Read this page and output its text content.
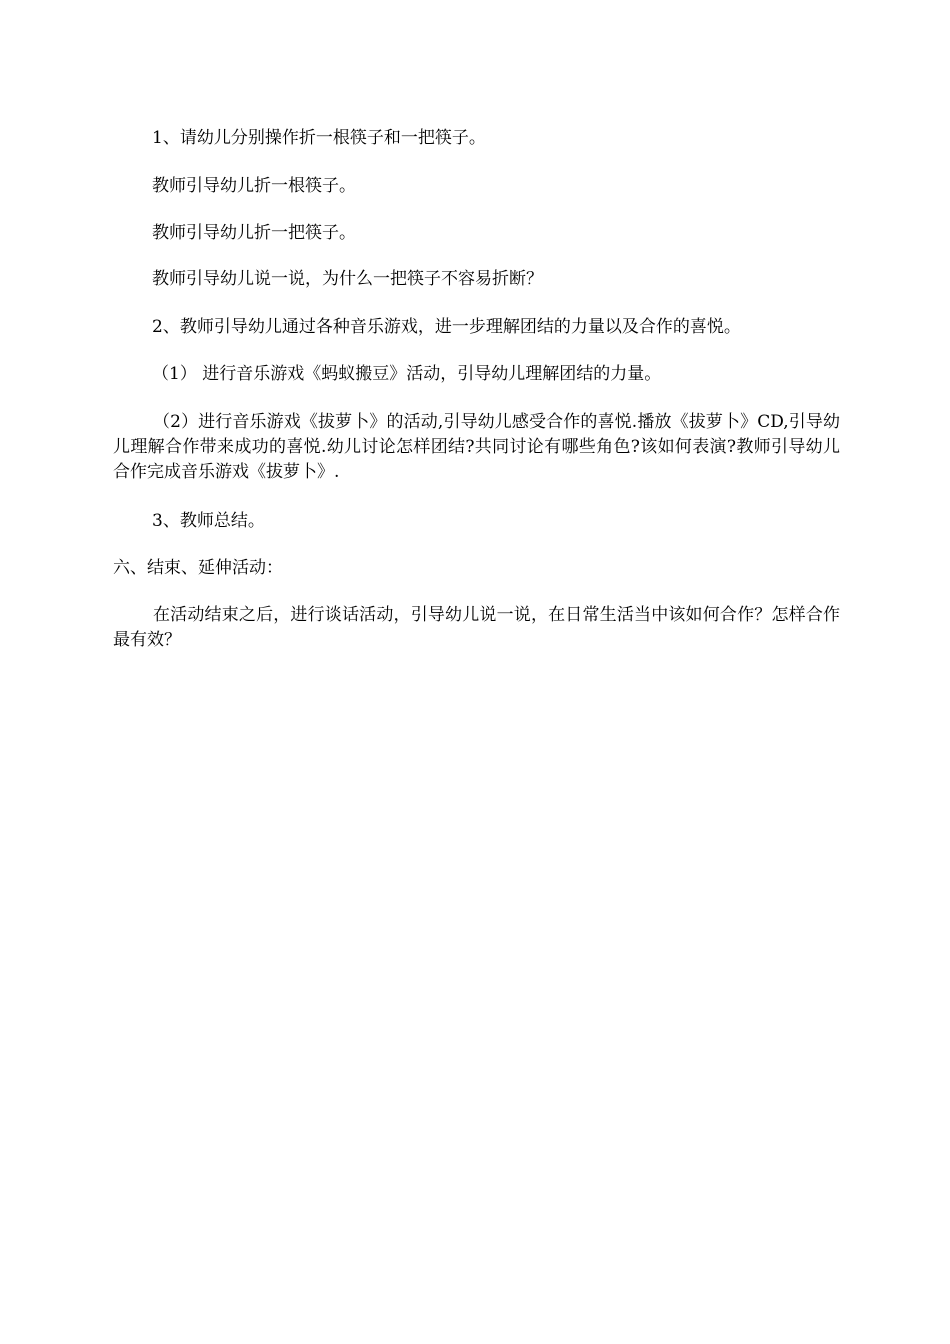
1、请幼儿分别操作折一根筷子和一把筷子。

教师引导幼儿折一根筷子。

教师引导幼儿折一把筷子。

教师引导幼儿说一说，为什么一把筷子不容易折断？

2、教师引导幼儿通过各种音乐游戏，进一步理解团结的力量以及合作的喜悦。

（1） 进行音乐游戏《蚂蚁搬豆》活动，引导幼儿理解团结的力量。

（2）进行音乐游戏《拔萝卜》的活动,引导幼儿感受合作的喜悦.播放《拔萝卜》CD,引导幼儿理解合作带来成功的喜悦.幼儿讨论怎样团结?共同讨论有哪些角色?该如何表演?教师引导幼儿合作完成音乐游戏《拔萝卜》.

3、教师总结。

六、结束、延伸活动：

在活动结束之后，进行谈话活动，引导幼儿说一说，在日常生活当中该如何合作？怎样合作最有效？
